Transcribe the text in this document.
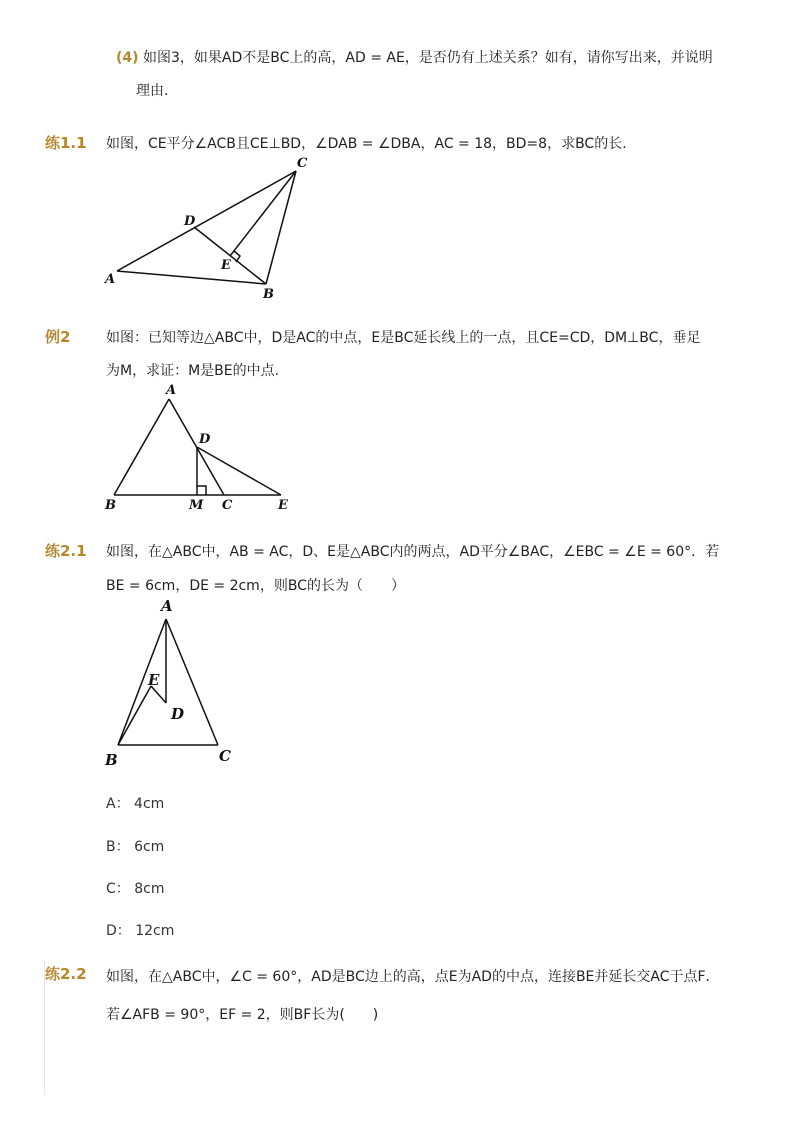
(4) 如图3，如果AD不是BC上的高，AD = AE，是否仍有上述关系？如有，请你写出来，并说明
理由．
练1.1 如图，CE平分∠ACB且CE⊥BD，∠DAB = ∠DBA，AC = 18，BD=8，求BC的长．
A
B
C
D
E
例2	如图：已知等边△ABC中，D是AC的中点，E是BC延长线上的一点，且CE=CD，DM⊥BC，垂足
为M，求证：M是BE的中点.
A
B	C
D
E
M
练2.1 如图，在△ABC中，AB = AC，D、E是△ABC内的两点，AD平分∠BAC，∠EBC = ∠E = 60°．若
BE = 6cm，DE = 2cm，则BC的长为（　　）
A
B	C
D
E
A： 4cm
B： 6cm
C： 8cm
D： 12cm
练2.2 如图，在△ABC中，∠C = 60°，AD是BC边上的高，点E为AD的中点，连接BE并延长交AC于点F．
若∠AFB = 90°，EF = 2，则BF长为(　　)
